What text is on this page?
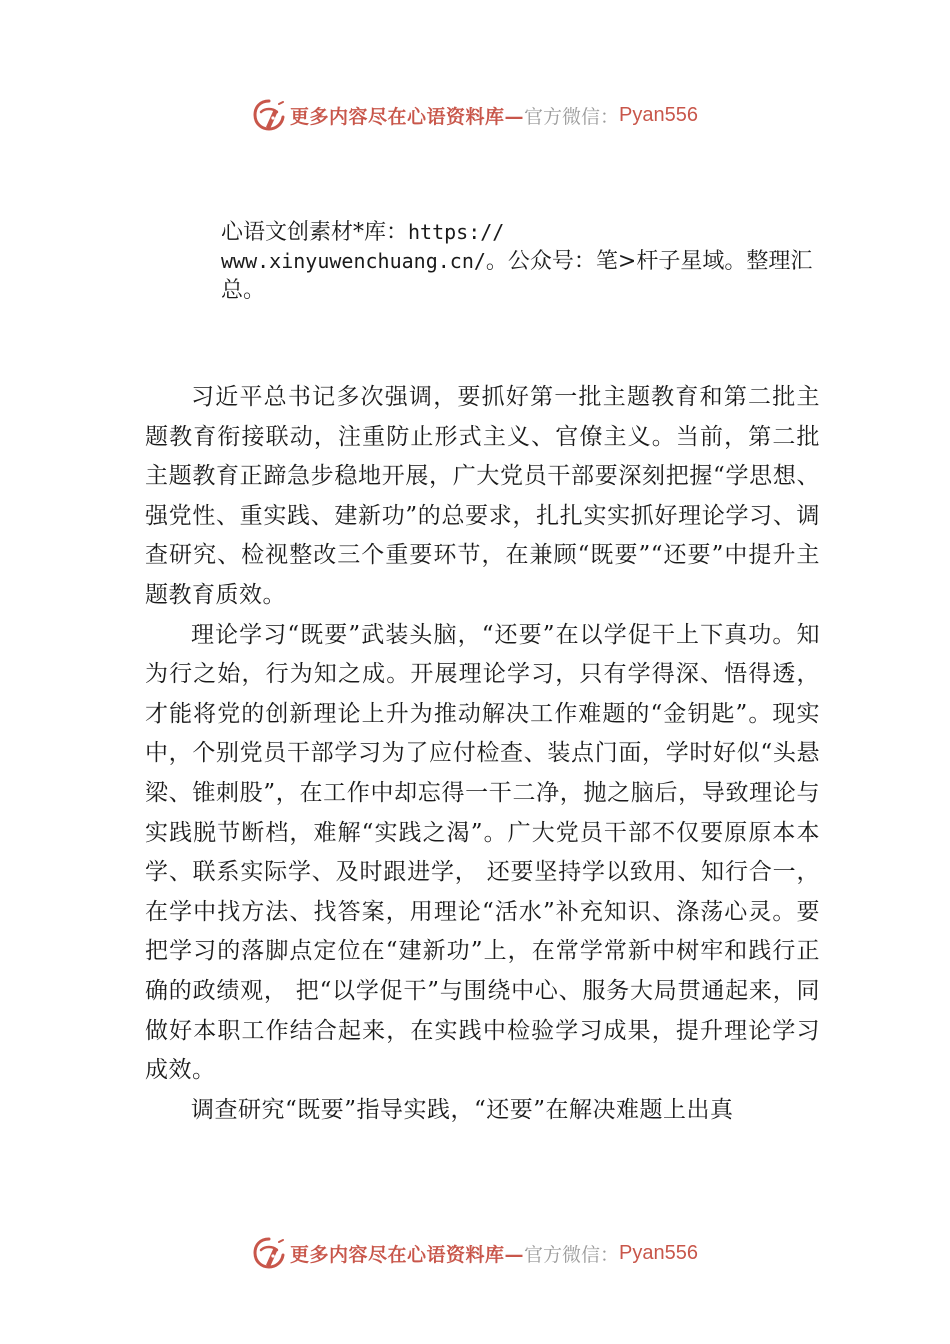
更多内容尽在心语资料库— 官方微信： Pyan556
心语文创素材*库：https://
www.xinyuwenchuang.cn/。公众号：笔>杆子星域。整理汇总。

习近平总书记多次强调，要抓好第一批主题教育和第二批主题教育衔接联动，注重防止形式主义、官僚主义。当前，第二批主题教育正蹄急步稳地开展，广大党员干部要深刻把握“学思想、强党性、重实践、建新功”的总要求，扎扎实实抓好理论学习、调查研究、检视整改三个重要环节，在兼顾“既要”“还要”中提升主题教育质效。

理论学习“既要”武装头脑，“还要”在以学促干上下真功。知为行之始，行为知之成。开展理论学习，只有学得深、悟得透，才能将党的创新理论上升为推动解决工作难题的“金钥匙”。现实中，个别党员干部学习为了应付检查、装点门面，学时好似“头悬梁、锥刺股”，在工作中却忘得一干二净，抛之脑后，导致理论与实践脱节断档，难解“实践之渴”。广大党员干部不仅要原原本本学、联系实际学、及时跟进学， 还要坚持学以致用、知行合一，在学中找方法、找答案，用理论“活水”补充知识、涤荡心灵。要把学习的落脚点定位在“建新功”上，在常学常新中树牢和践行正确的政绩观， 把“以学促干”与围绕中心、服务大局贯通起来，同做好本职工作结合起来，在实践中检验学习成果，提升理论学习成效。

调查研究“既要”指导实践，“还要”在解决难题上出真

更多内容尽在心语资料库— 官方微信： Pyan556
